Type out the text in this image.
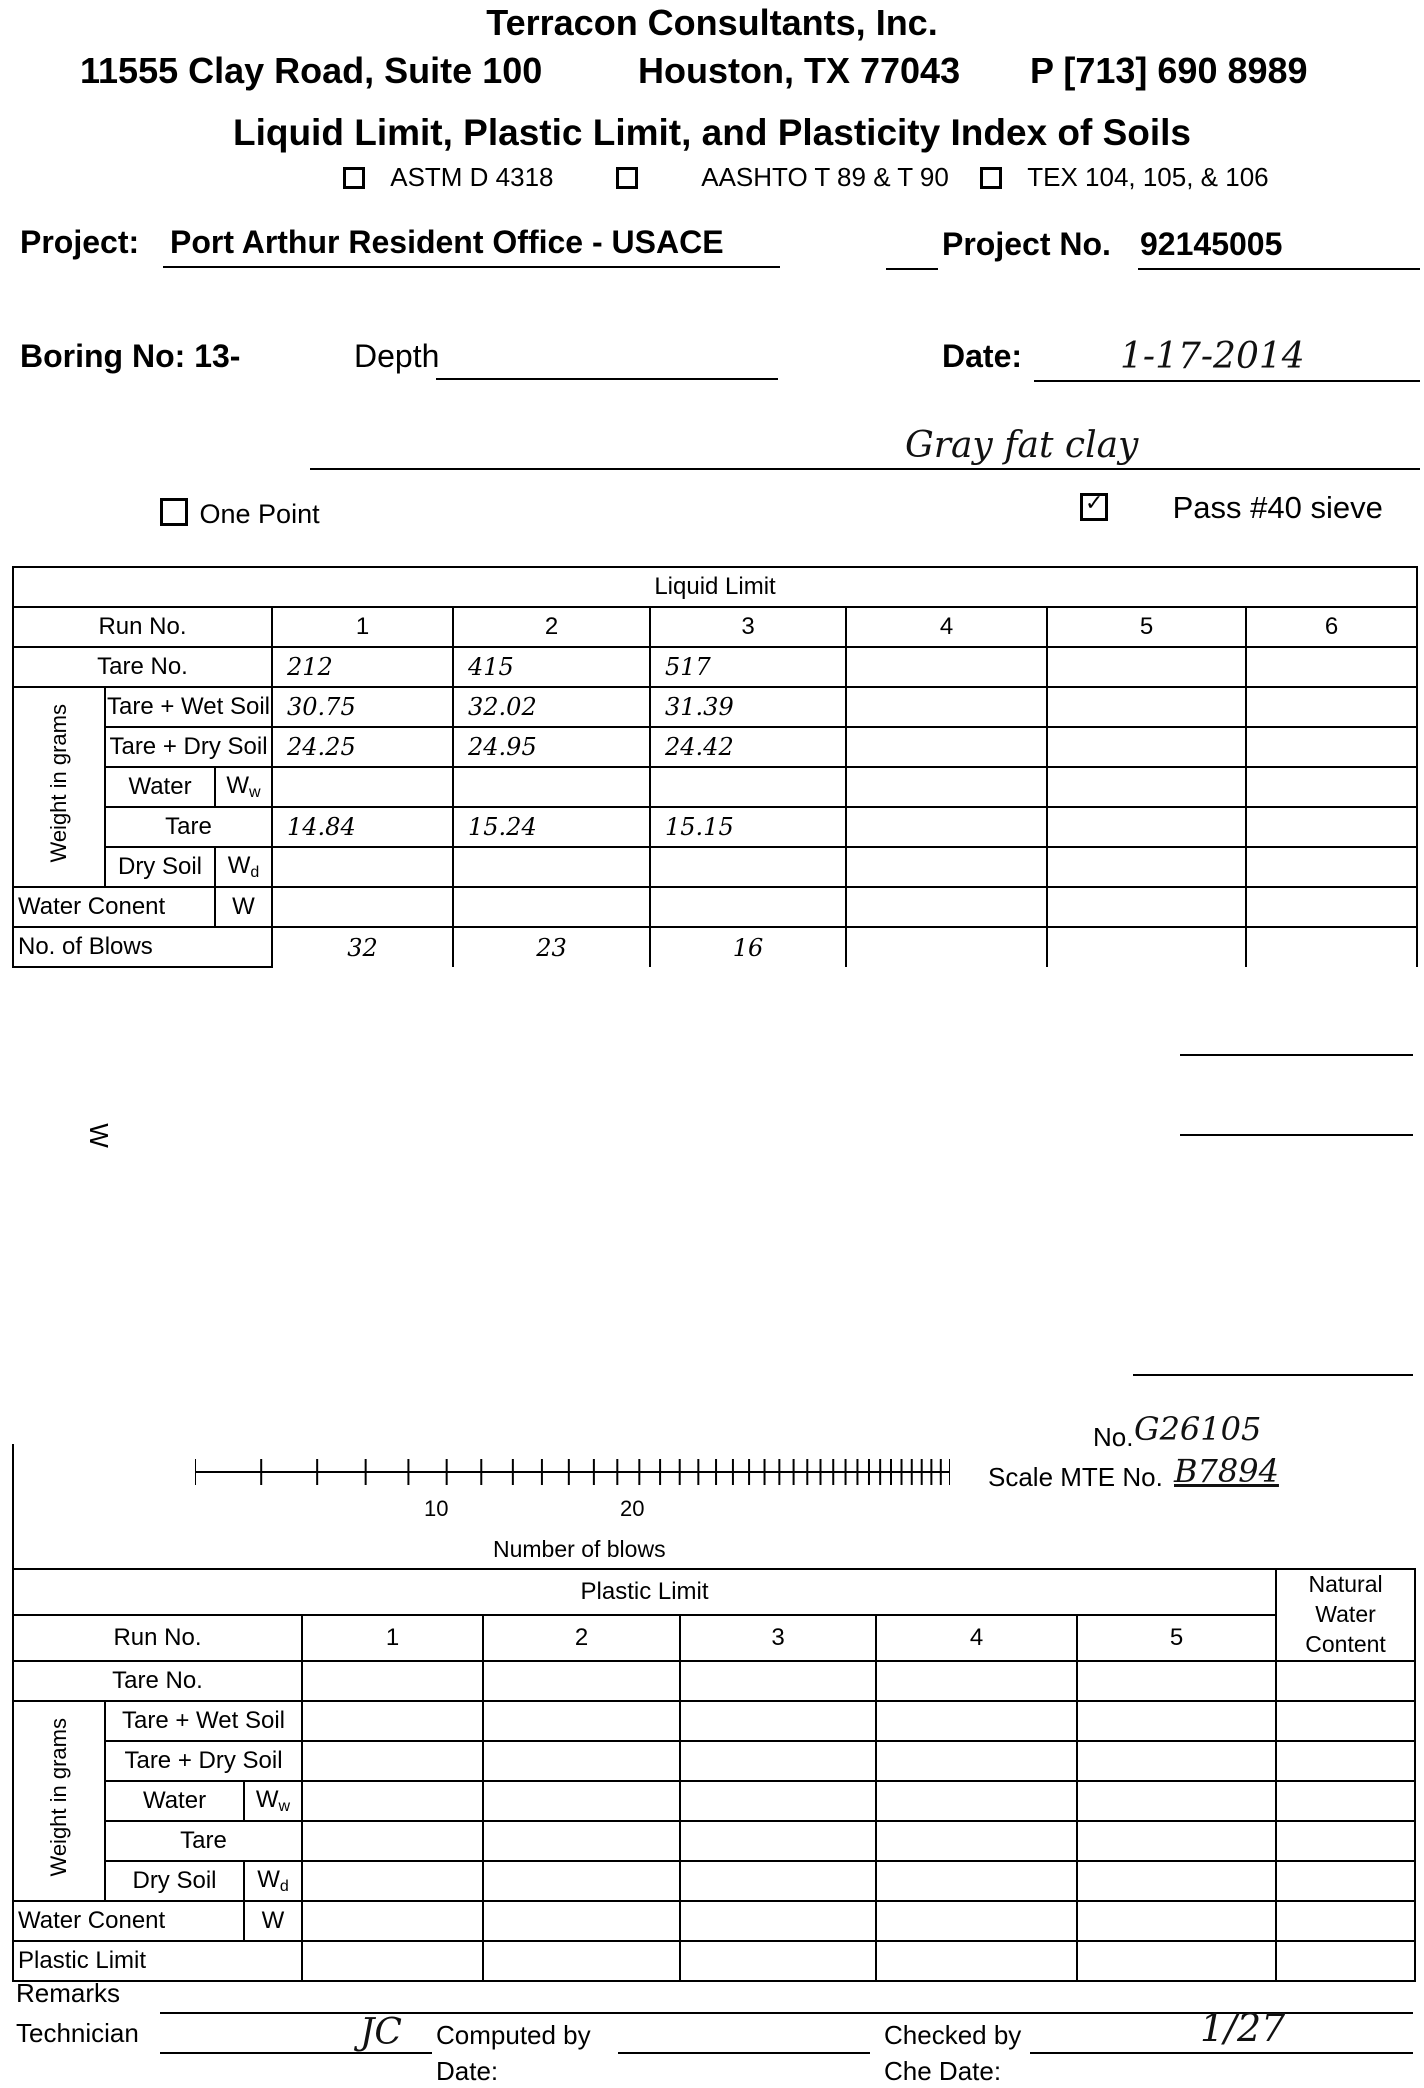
Terracon Consultants, Inc.
11555 Clay Road, Suite 100	Houston, TX 77043 P [713] 690 8989
Liquid Limit, Plastic Limit, and Plasticity Index of Soils
ASTM D 4318	AASHTO T 89 & T 90	TEX 104, 105, & 106
Project: Port Arthur Resident Office - USACE	Project No. 92145005
Boring No: 13-	Depth	Date:	1-17-2014
Gray fat clay
One Point	✓ Pass #40 sieve
Liquid Limit								
Run No.			1	2	3	4	5	6
Tare No.			212	415	517			
Weight in grams	Tare + Wet Soil		30.75	32.02	31.39			
	Tare + Dry Soil		24.25	24.95	24.42			
	Water	$W_w$						
	Tare		14.84	15.24	15.15			
	Dry Soil	$W_d$						
Water Conent		W						
No. of Blows			32	23	16			
W
10	20
Number of blows
No. G26105
Scale MTE No. B7894
Plastic Limit								Natural Water Content
Run No.			1	2	3	4	5	
Tare No.								
Weight in grams	Tare + Wet Soil							
	Tare + Dry Soil							
	Water	$W_w$						
	Tare							
	Dry Soil	$W_d$						
Water Conent		W						
Plastic Limit								
Remarks
Technician	JC Computed by
Date:
Checked by	1/27
Che Date:
